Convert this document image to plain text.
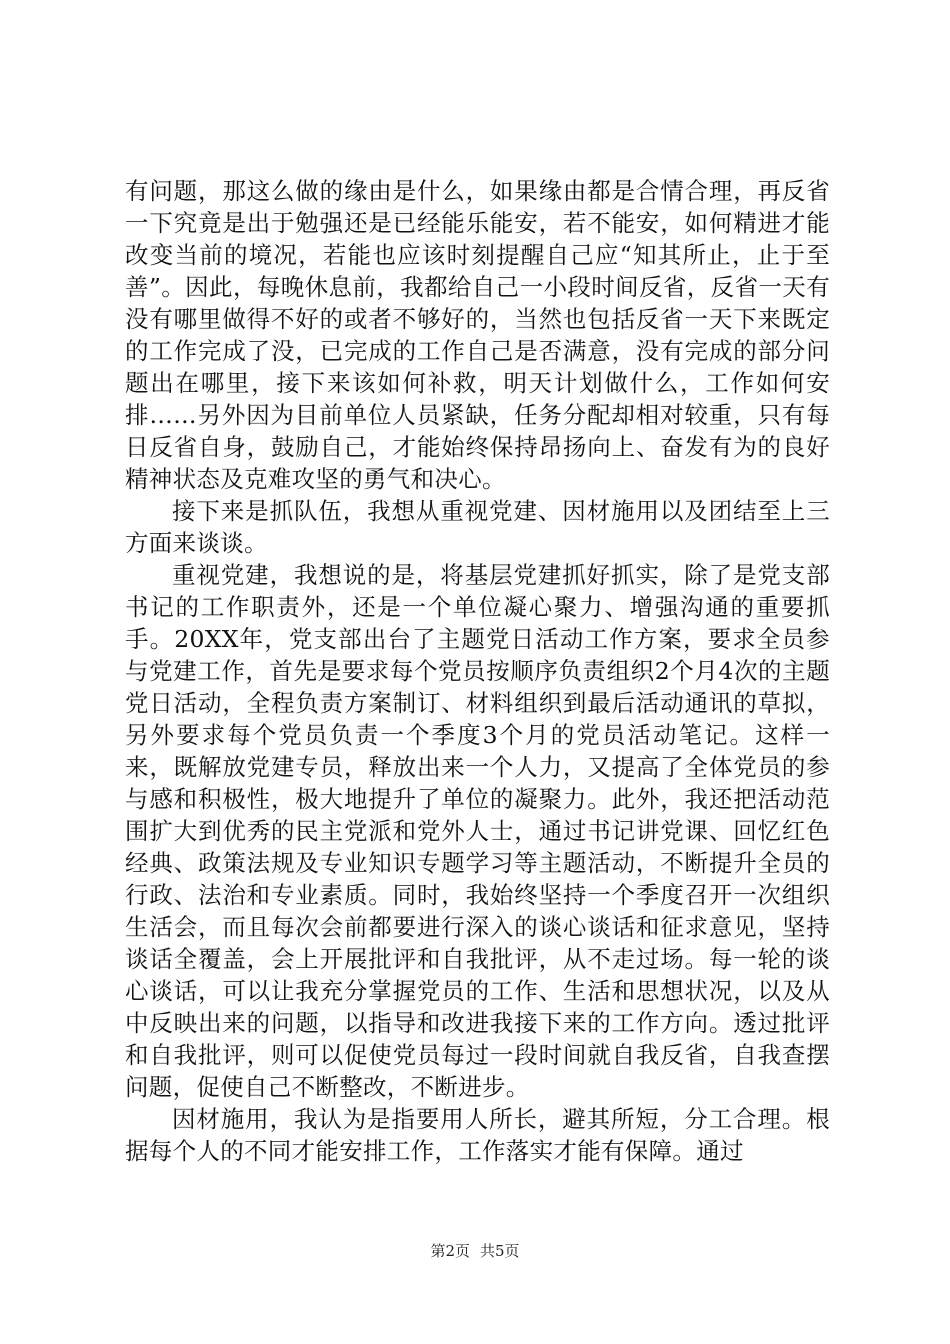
有问题，那这么做的缘由是什么，如果缘由都是合情合理，再反省一下究竟是出于勉强还是已经能乐能安，若不能安，如何精进才能改变当前的境况，若能也应该时刻提醒自己应“知其所止，止于至善”。因此，每晚休息前，我都给自己一小段时间反省，反省一天有没有哪里做得不好的或者不够好的，当然也包括反省一天下来既定的工作完成了没，已完成的工作自己是否满意，没有完成的部分问题出在哪里，接下来该如何补救，明天计划做什么，工作如何安排……另外因为目前单位人员紧缺，任务分配却相对较重，只有每日反省自身，鼓励自己，才能始终保持昂扬向上、奋发有为的良好精神状态及克难攻坚的勇气和决心。

接下来是抓队伍，我想从重视党建、因材施用以及团结至上三方面来谈谈。

重视党建，我想说的是，将基层党建抓好抓实，除了是党支部书记的工作职责外，还是一个单位凝心聚力、增强沟通的重要抓手。20XX年，党支部出台了主题党日活动工作方案，要求全员参与党建工作，首先是要求每个党员按顺序负责组织2个月4次的主题党日活动，全程负责方案制订、材料组织到最后活动通讯的草拟，另外要求每个党员负责一个季度3个月的党员活动笔记。这样一来，既解放党建专员，释放出来一个人力，又提高了全体党员的参与感和积极性，极大地提升了单位的凝聚力。此外，我还把活动范围扩大到优秀的民主党派和党外人士，通过书记讲党课、回忆红色经典、政策法规及专业知识专题学习等主题活动，不断提升全员的行政、法治和专业素质。同时，我始终坚持一个季度召开一次组织生活会，而且每次会前都要进行深入的谈心谈话和征求意见，坚持谈话全覆盖，会上开展批评和自我批评，从不走过场。每一轮的谈心谈话，可以让我充分掌握党员的工作、生活和思想状况，以及从中反映出来的问题，以指导和改进我接下来的工作方向。透过批评和自我批评，则可以促使党员每过一段时间就自我反省，自我查摆问题，促使自己不断整改，不断进步。

因材施用，我认为是指要用人所长，避其所短，分工合理。根据每个人的不同才能安排工作，工作落实才能有保障。通过

第2页 共5页
